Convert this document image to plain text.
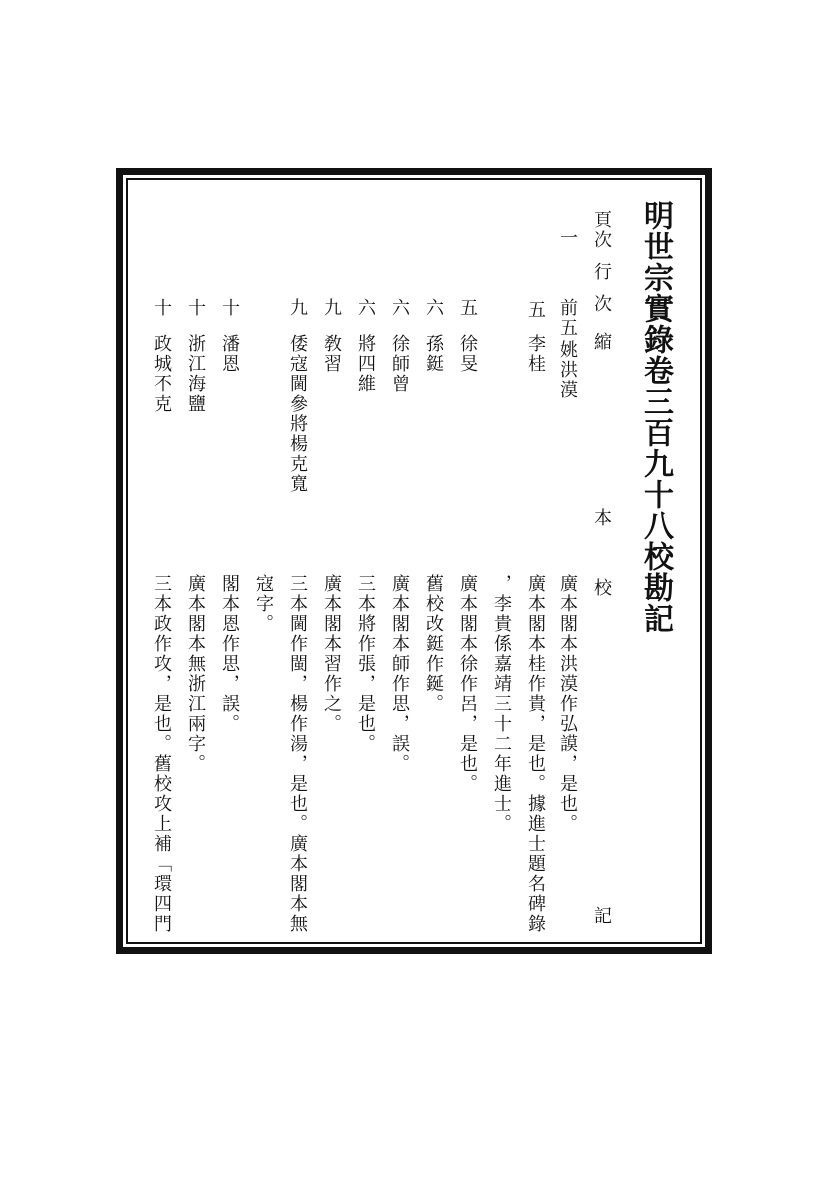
明世宗實錄卷三百九十八校勘記
頁次
行
次
縮
本
校
記
一
前五
姚洪漠
廣本閣本洪漠作弘謨，是也。
五
李桂
廣本閣本桂作貴，是也。據進士題名碑錄
，李貴係嘉靖三十二年進士。
五
徐旻
廣本閣本徐作呂，是也。
六
孫鋌
舊校改鋌作鋋。
六
徐師曾
廣本閣本師作思，誤。
六
將四維
三本將作張，是也。
九
敎習
廣本閣本習作之。
九
倭寇閫參將楊克寬
三本閫作閩，楊作湯，是也。廣本閣本無
寇字。
十
潘恩
閣本恩作思，誤。
十
浙江海鹽
廣本閣本無浙江兩字。
十
政城不克
三本政作攻，是也。舊校攻上補「環四門
